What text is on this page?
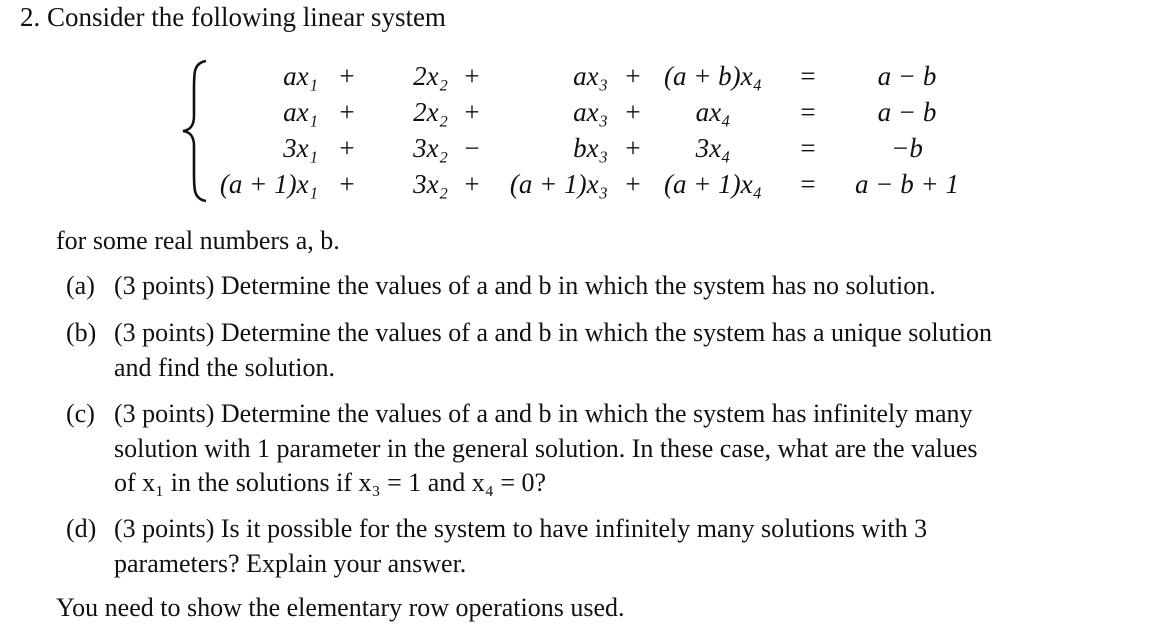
2. Consider the following linear system
ax₁	+	2x₂	+	ax₃	+	(a + b)x₄	=	a − b
ax₁	+	2x₂	+	ax₃	+	ax₄	=	a − b
3x₁	+	3x₂	−	bx₃	+	3x₄	=	−b
(a + 1)x₁	+	3x₂	+	(a + 1)x₃	+	(a + 1)x₄	=	a − b + 1
for some real numbers a, b.
(a) (3 points) Determine the values of a and b in which the system has no solution.
(b) (3 points) Determine the values of a and b in which the system has a unique solution
and find the solution.
(c) (3 points) Determine the values of a and b in which the system has infinitely many
solution with 1 parameter in the general solution. In these case, what are the values
of x₁ in the solutions if x₃ = 1 and x₄ = 0?
(d) (3 points) Is it possible for the system to have infinitely many solutions with 3
parameters? Explain your answer.
You need to show the elementary row operations used.
